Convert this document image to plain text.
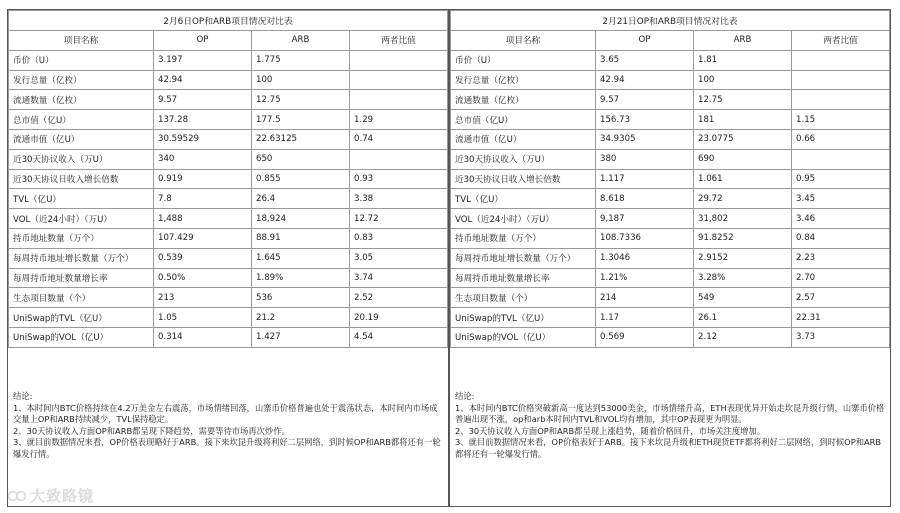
2月6日OP和ARB项目情况对比表			
项目名称	OP	ARB	两者比值
币价（U）	3.197	1.775	
发行总量（亿枚）	42.94	100	
流通数量（亿枚）	9.57	12.75	
总市值（亿U）	137.28	177.5	1.29
流通市值（亿U）	30.59529	22.63125	0.74
近30天协议收入（万U）	340	650	
近30天协议日收入增长倍数	0.919	0.855	0.93
TVL（亿U）	7.8	26.4	3.38
VOL（近24小时）（万U）	1,488	18,924	12.72
持币地址数量（万个）	107.429	88.91	0.83
每周持币地址增长数量（万个）	0.539	1.645	3.05
每周持币地址数量增长率	0.50%	1.89%	3.74
生态项目数量（个）	213	536	2.52
UniSwap的TVL（亿U）	1.05	21.2	20.19
UniSwap的VOL（亿U）	0.314	1.427	4.54
结论:
1、本时间内BTC价格持续在4.2万美金左右震荡，市场情绪回落，山寨币价格普遍也处于震荡状态，本时间内市场成交量上OP和ARB持续减少，TVL保持稳定。
2、30天协议收入方面OP和ARB都呈现下降趋势，需要等待市场再次炒作。
3、就目前数据情况来看，OP价格表现略好于ARB。接下来坎昆升级将利好二层网络，到时候OP和ARB都将还有一轮爆发行情。
2月21日OP和ARB项目情况对比表			
项目名称	OP	ARB	两者比值
币价（U）	3.65	1.81	
发行总量（亿枚）	42.94	100	
流通数量（亿枚）	9.57	12.75	
总市值（亿U）	156.73	181	1.15
流通市值（亿U）	34.9305	23.0775	0.66
近30天协议收入（万U）	380	690	
近30天协议日收入增长倍数	1.117	1.061	0.95
TVL（亿U）	8.618	29.72	3.45
VOL（近24小时）（万U）	9,187	31,802	3.46
持币地址数量（万个）	108.7336	91.8252	0.84
每周持币地址增长数量（万个）	1.3046	2.9152	2.23
每周持币地址数量增长率	1.21%	3.28%	2.70
生态项目数量（个）	214	549	2.57
UniSwap的TVL（亿U）	1.17	26.1	22.31
UniSwap的VOL（亿U）	0.569	2.12	3.73
结论:
1、本时间内BTC价格突破新高一度达到53000美金，市场情绪升高，ETH表现优异开始走坎昆升级行情，山寨币价格普遍出现不涨，op和arb本时间内TVL和VOL均有增加，其中OP表现更为明显。
2、30天协议收入方面OP和ARB都呈现上涨趋势，随着价格回升，市场关注度增加。
3、就目前数据情况来看，OP价格表好于ARB。接下来坎昆升级和ETH现货ETF都将利好二层网络，到时候OP和ARB都将还有一轮爆发行情。
大致路镜
